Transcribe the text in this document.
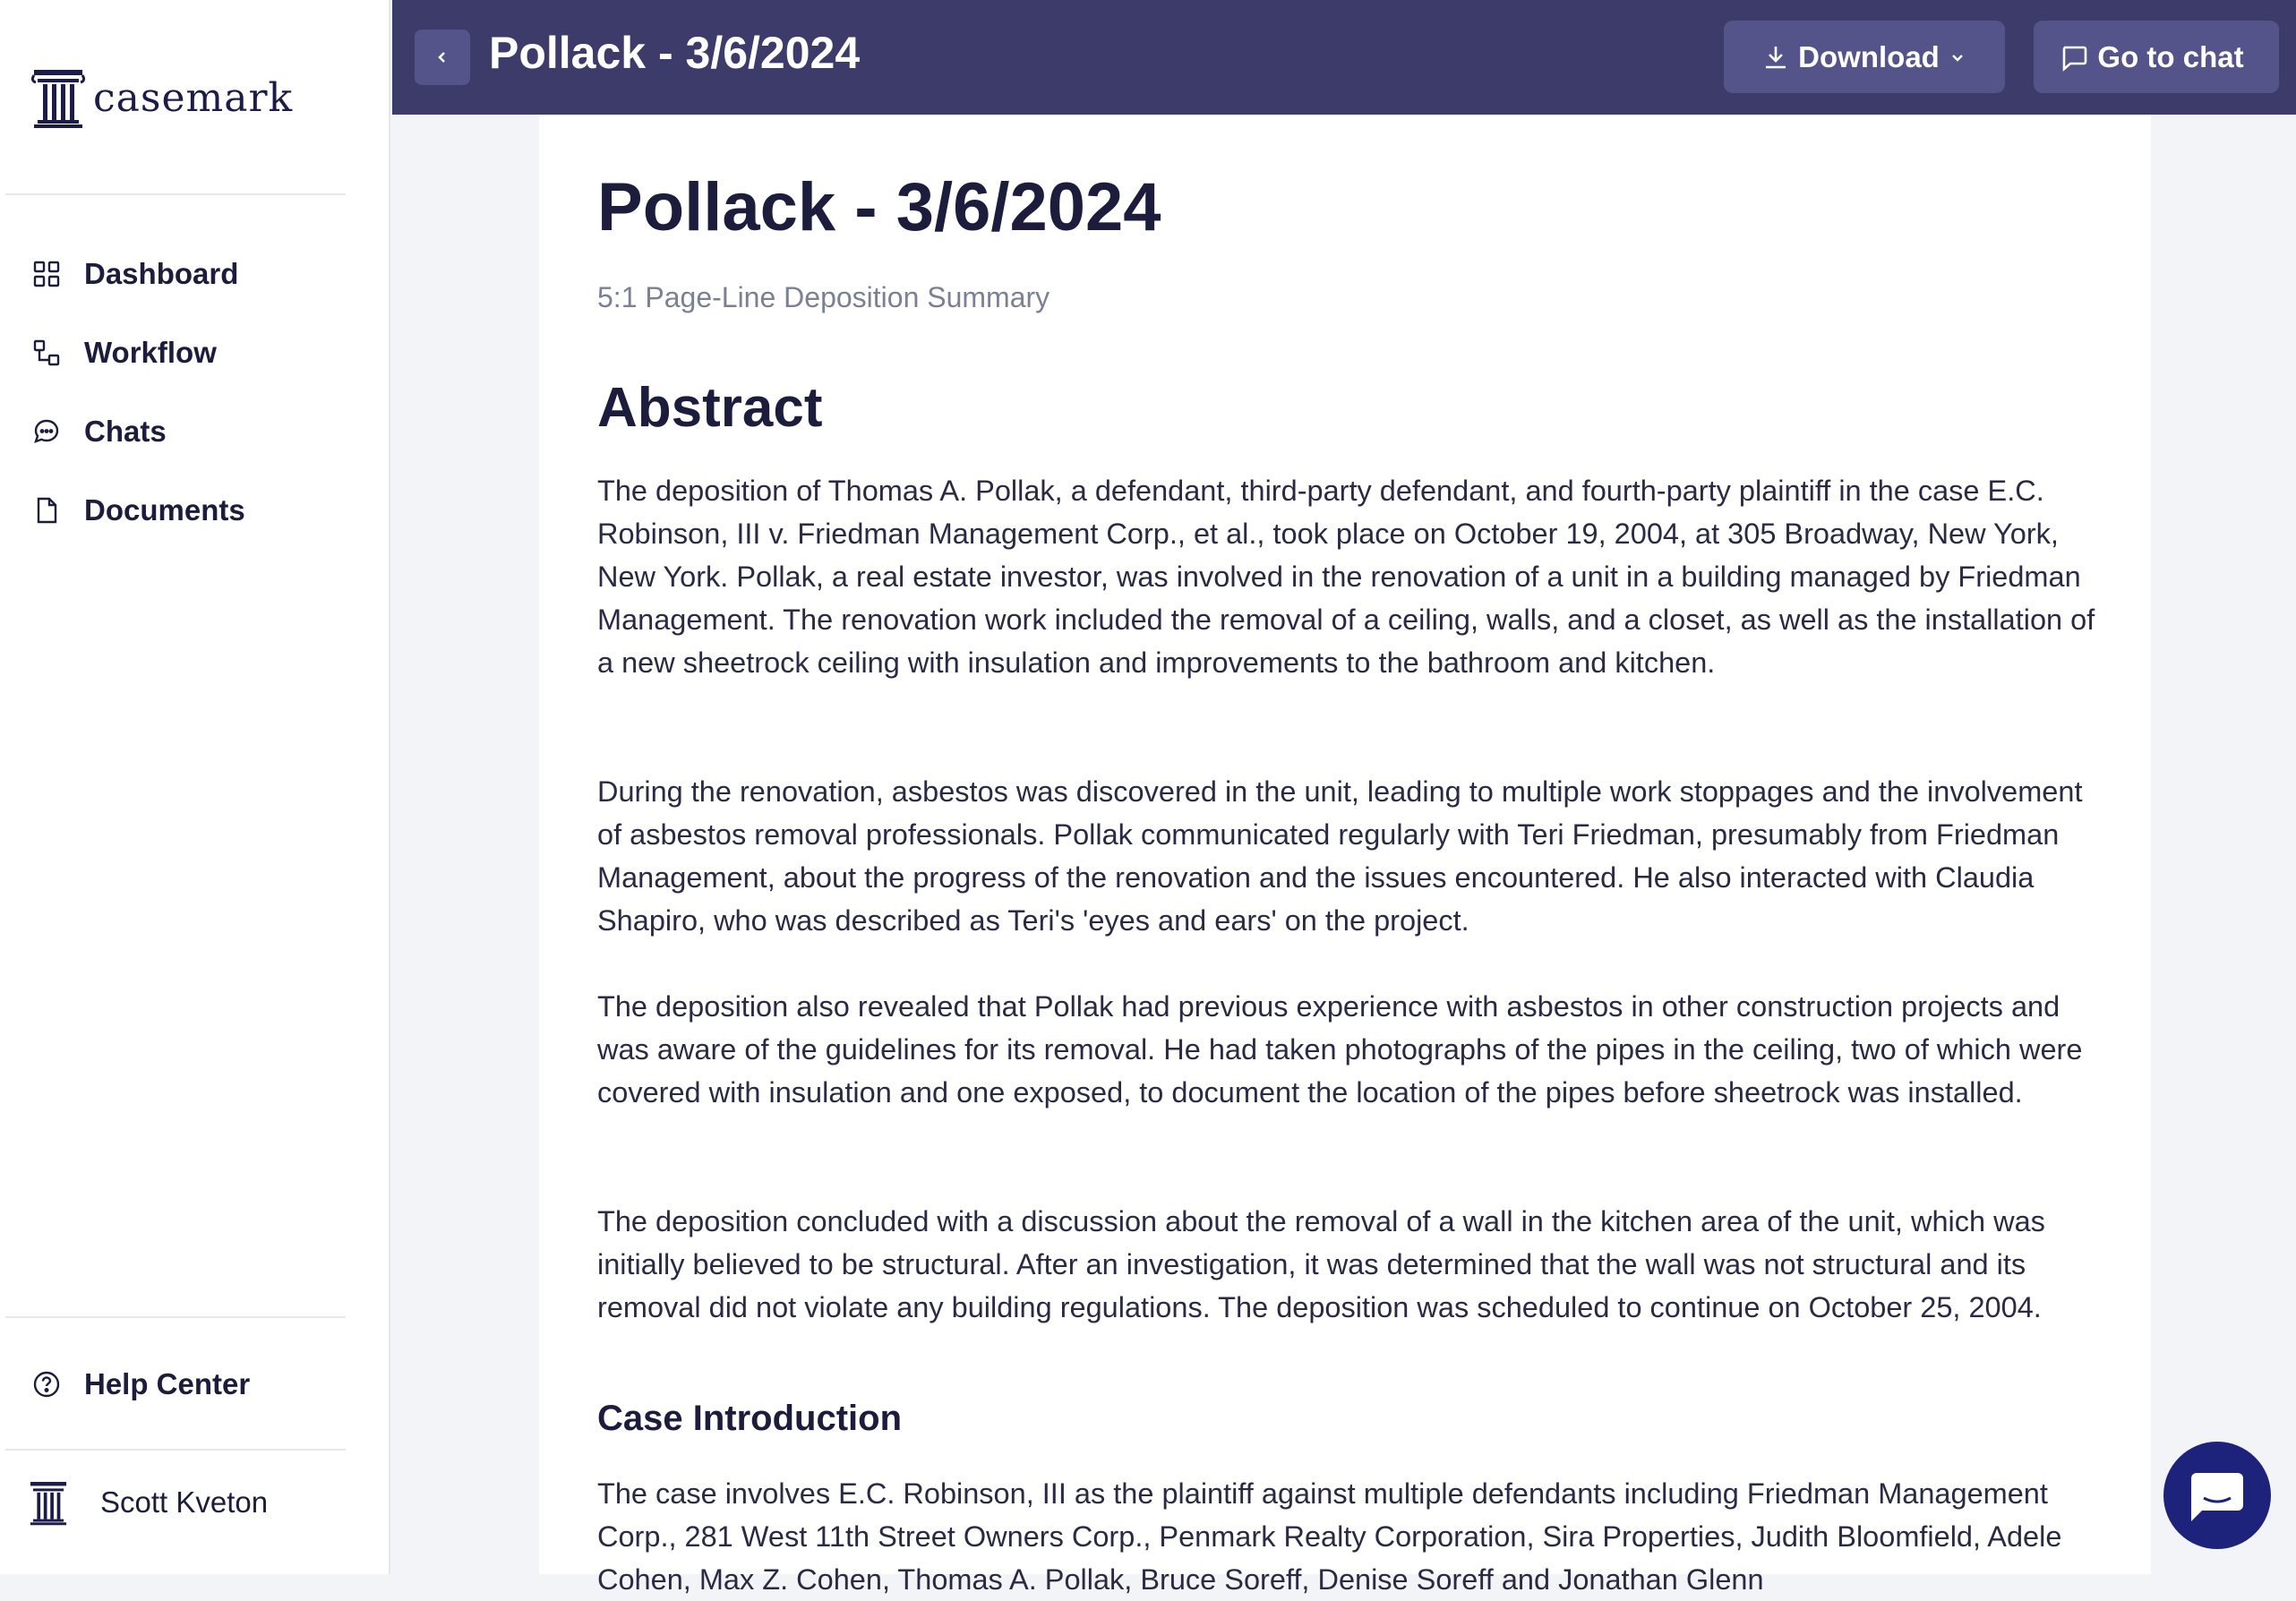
casemark
Dashboard
Workflow
Chats
Documents
Help Center
Scott Kveton
Pollack - 3/6/2024	Download	Go to chat
Pollack - 3/6/2024

5:1 Page-Line Deposition Summary

Abstract

The deposition of Thomas A. Pollak, a defendant, third-party defendant, and fourth-party plaintiff in the case E.C. Robinson, III v. Friedman Management Corp., et al., took place on October 19, 2004, at 305 Broadway, New York, New York. Pollak, a real estate investor, was involved in the renovation of a unit in a building managed by Friedman Management. The renovation work included the removal of a ceiling, walls, and a closet, as well as the installation of a new sheetrock ceiling with insulation and improvements to the bathroom and kitchen.

During the renovation, asbestos was discovered in the unit, leading to multiple work stoppages and the involvement of asbestos removal professionals. Pollak communicated regularly with Teri Friedman, presumably from Friedman Management, about the progress of the renovation and the issues encountered. He also interacted with Claudia Shapiro, who was described as Teri's 'eyes and ears' on the project.

The deposition also revealed that Pollak had previous experience with asbestos in other construction projects and was aware of the guidelines for its removal. He had taken photographs of the pipes in the ceiling, two of which were covered with insulation and one exposed, to document the location of the pipes before sheetrock was installed.

The deposition concluded with a discussion about the removal of a wall in the kitchen area of the unit, which was initially believed to be structural. After an investigation, it was determined that the wall was not structural and its removal did not violate any building regulations. The deposition was scheduled to continue on October 25, 2004.

Case Introduction

The case involves E.C. Robinson, III as the plaintiff against multiple defendants including Friedman Management Corp., 281 West 11th Street Owners Corp., Penmark Realty Corporation, Sira Properties, Judith Bloomfield, Adele Cohen, Max Z. Cohen, Thomas A. Pollak, Bruce Soreff, Denise Soreff and Jonathan Glenn
